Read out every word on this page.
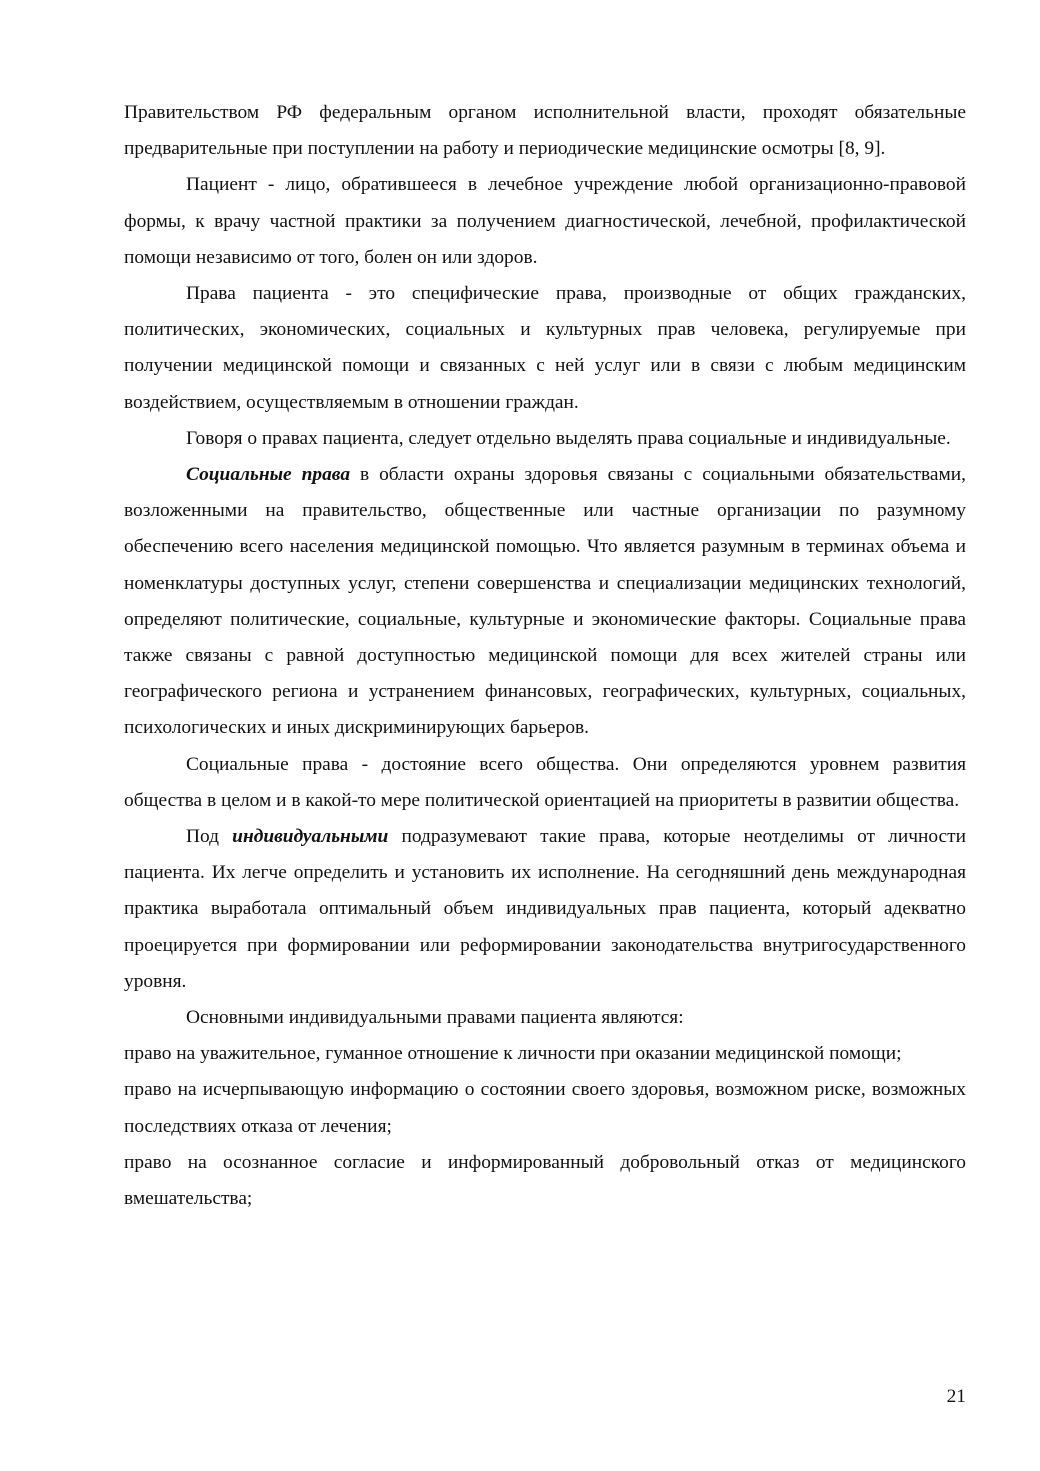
Правительством РФ федеральным органом исполнительной власти, проходят обязательные предварительные при поступлении на работу и периодические медицинские осмотры [8, 9].

Пациент - лицо, обратившееся в лечебное учреждение любой организационно-правовой формы, к врачу частной практики за получением диагностической, лечебной, профилактической помощи независимо от того, болен он или здоров.

Права пациента - это специфические права, производные от общих гражданских, политических, экономических, социальных и культурных прав человека, регулируемые при получении медицинской помощи и связанных с ней услуг или в связи с любым медицинским воздействием, осуществляемым в отношении граждан.

Говоря о правах пациента, следует отдельно выделять права социальные и индивидуальные.

Социальные права в области охраны здоровья связаны с социальными обязательствами, возложенными на правительство, общественные или частные организации по разумному обеспечению всего населения медицинской помощью. Что является разумным в терминах объема и номенклатуры доступных услуг, степени совершенства и специализации медицинских технологий, определяют политические, социальные, культурные и экономические факторы. Социальные права также связаны с равной доступностью медицинской помощи для всех жителей страны или географического региона и устранением финансовых, географических, культурных, социальных, психологических и иных дискриминирующих барьеров.

Социальные права - достояние всего общества. Они определяются уровнем развития общества в целом и в какой-то мере политической ориентацией на приоритеты в развитии общества.

Под индивидуальными подразумевают такие права, которые неотделимы от личности пациента. Их легче определить и установить их исполнение. На сегодняшний день международная практика выработала оптимальный объем индивидуальных прав пациента, который адекватно проецируется при формировании или реформировании законодательства внутригосударственного уровня.

Основными индивидуальными правами пациента являются:

право на уважительное, гуманное отношение к личности при оказании медицинской помощи;

право на исчерпывающую информацию о состоянии своего здоровья, возможном риске, возможных последствиях отказа от лечения;

право на осознанное согласие и информированный добровольный отказ от медицинского вмешательства;

21
